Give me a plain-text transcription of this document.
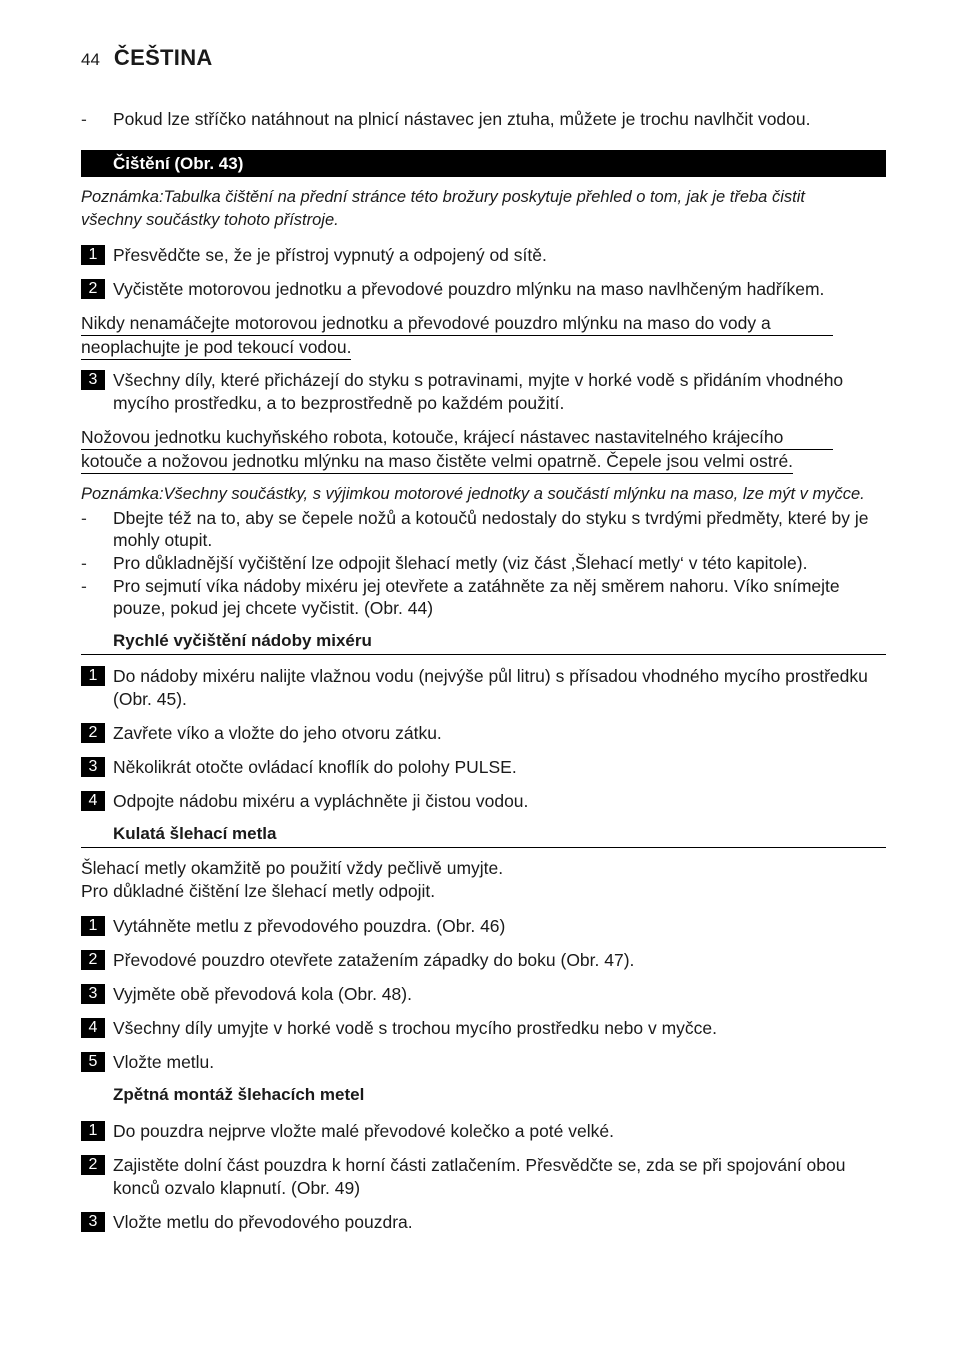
44 ČEŠTINA
-	Pokud lze stříčko natáhnout na plnicí nástavec jen ztuha, můžete je trochu navlhčit vodou.
Čištění (Obr. 43)
Poznámka:Tabulka čištění na přední stránce této brožury poskytuje přehled o tom, jak je třeba čistit
všechny součástky tohoto přístroje.
1 Přesvědčte se, že je přístroj vypnutý a odpojený od sítě.
2 Vyčistěte motorovou jednotku a převodové pouzdro mlýnku na maso navlhčeným hadříkem.
Nikdy nenamáčejte motorovou jednotku a převodové pouzdro mlýnku na maso do vody a
neoplachujte je pod tekoucí vodou.
3 Všechny díly, které přicházejí do styku s potravinami, myjte v horké vodě s přidáním vhodného mycího prostředku, a to bezprostředně po každém použití.
Nožovou jednotku kuchyňského robota, kotouče, krájecí nástavec nastavitelného krájecího
kotouče a nožovou jednotku mlýnku na maso čistěte velmi opatrně. Čepele jsou velmi ostré.
Poznámka:Všechny součástky, s výjimkou motorové jednotky a součástí mlýnku na maso, lze mýt v myčce.
-	Dbejte též na to, aby se čepele nožů a kotoučů nedostaly do styku s tvrdými předměty, které by je mohly otupit.
-	Pro důkladnější vyčištění lze odpojit šlehací metly (viz část ‚Šlehací metly‘ v této kapitole).
-	Pro sejmutí víka nádoby mixéru jej otevřete a zatáhněte za něj směrem nahoru. Víko snímejte pouze, pokud jej chcete vyčistit. (Obr. 44)
Rychlé vyčištění nádoby mixéru
1 Do nádoby mixéru nalijte vlažnou vodu (nejvýše půl litru) s přísadou vhodného mycího prostředku (Obr. 45).
2 Zavřete víko a vložte do jeho otvoru zátku.
3 Několikrát otočte ovládací knoflík do polohy PULSE.
4 Odpojte nádobu mixéru a vypláchněte ji čistou vodou.
Kulatá šlehací metla
Šlehací metly okamžitě po použití vždy pečlivě umyjte.
Pro důkladné čištění lze šlehací metly odpojit.
1 Vytáhněte metlu z převodového pouzdra. (Obr. 46)
2 Převodové pouzdro otevřete zatažením západky do boku (Obr. 47).
3 Vyjměte obě převodová kola (Obr. 48).
4 Všechny díly umyjte v horké vodě s trochou mycího prostředku nebo v myčce.
5 Vložte metlu.
Zpětná montáž šlehacích metel
1 Do pouzdra nejprve vložte malé převodové kolečko a poté velké.
2 Zajistěte dolní část pouzdra k horní části zatlačením. Přesvědčte se, zda se při spojování obou konců ozvalo klapnutí. (Obr. 49)
3 Vložte metlu do převodového pouzdra.
